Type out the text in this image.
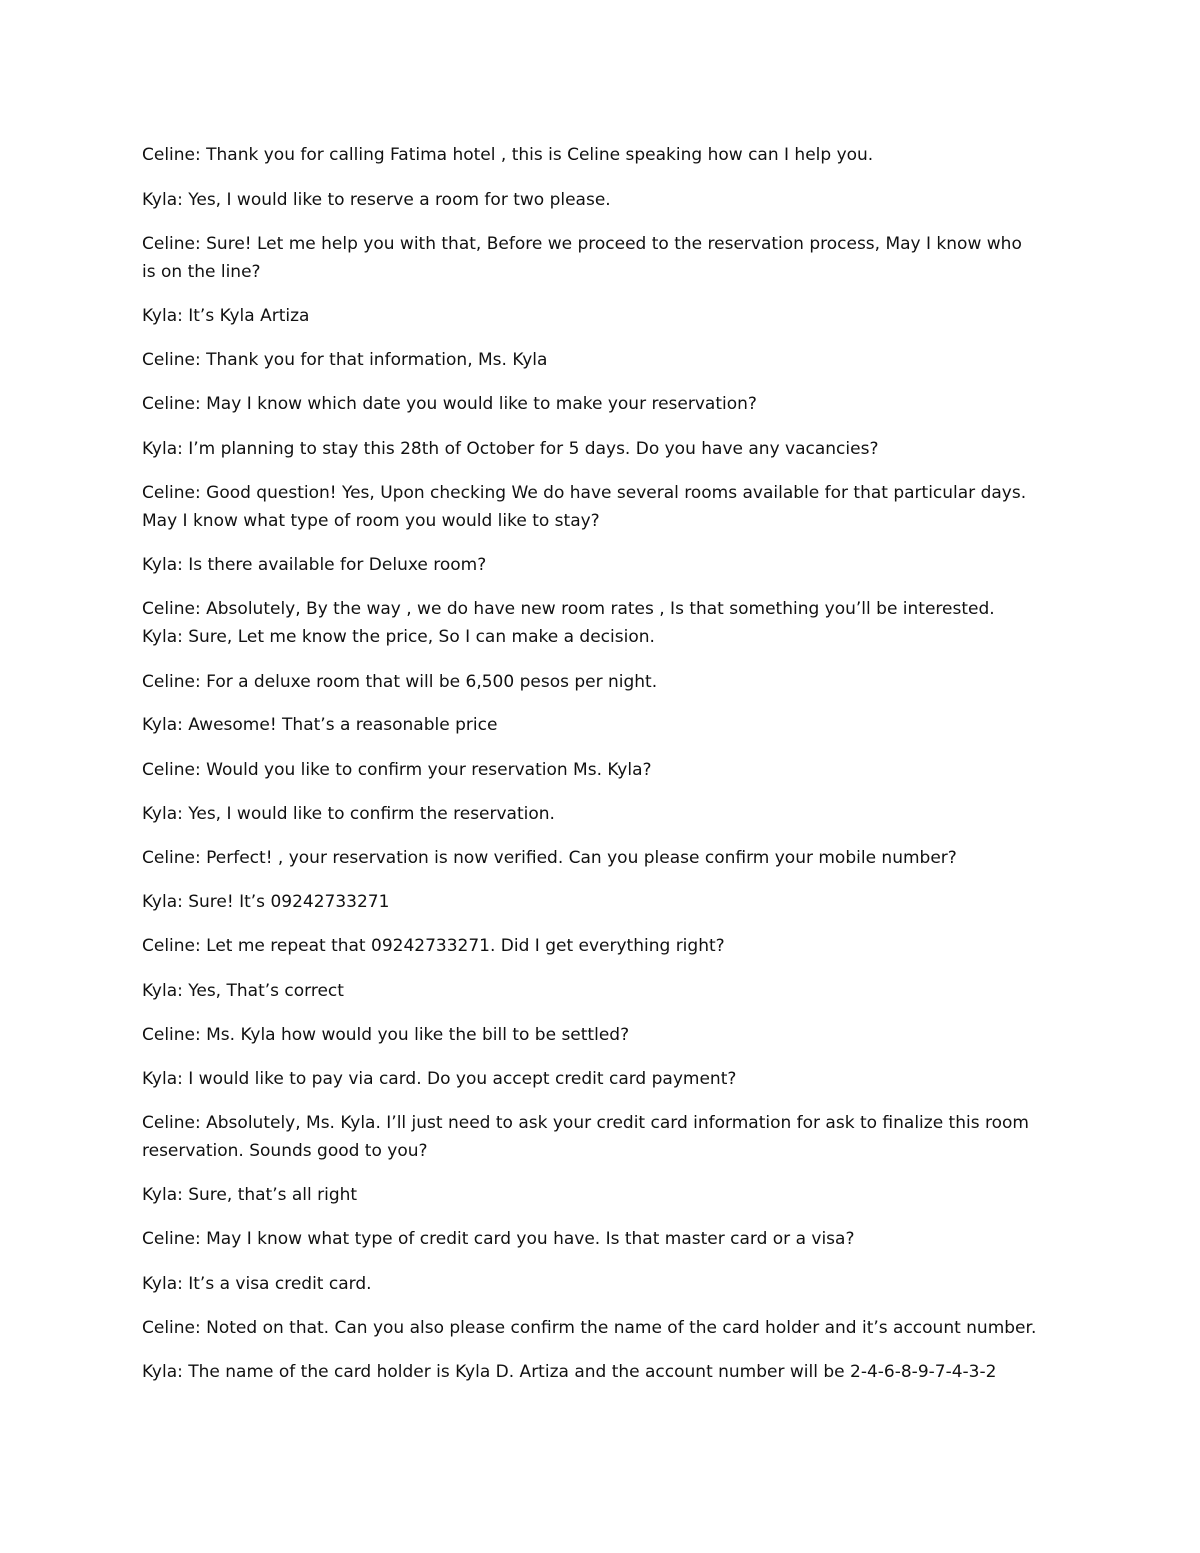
Celine: Thank you for calling Fatima hotel , this is Celine speaking how can I help you.

Kyla: Yes, I would like to reserve a room for two please.

Celine: Sure! Let me help you with that, Before we proceed to the reservation process, May I know who

is on the line?

Kyla: It’s Kyla Artiza

Celine: Thank you for that information, Ms. Kyla

Celine: May I know which date you would like to make your reservation?

Kyla: I’m planning to stay this 28th of October for 5 days. Do you have any vacancies?

Celine: Good question! Yes, Upon checking We do have several rooms available for that particular days.

May I know what type of room you would like to stay?

Kyla: Is there available for Deluxe room?

Celine: Absolutely, By the way , we do have new room rates , Is that something you’ll be interested.

Kyla: Sure, Let me know the price, So I can make a decision.

Celine: For a deluxe room that will be 6,500 pesos per night.

Kyla: Awesome! That’s a reasonable price

Celine: Would you like to confirm your reservation Ms. Kyla?

Kyla: Yes, I would like to confirm the reservation.

Celine: Perfect! , your reservation is now verified. Can you please confirm your mobile number?

Kyla: Sure! It’s 09242733271

Celine: Let me repeat that 09242733271. Did I get everything right?

Kyla: Yes, That’s correct

Celine: Ms. Kyla how would you like the bill to be settled?

Kyla: I would like to pay via card. Do you accept credit card payment?

Celine: Absolutely, Ms. Kyla. I’ll just need to ask your credit card information for ask to finalize this room

reservation. Sounds good to you?

Kyla: Sure, that’s all right

Celine: May I know what type of credit card you have. Is that master card or a visa?

Kyla: It’s a visa credit card.

Celine: Noted on that. Can you also please confirm the name of the card holder and it’s account number.

Kyla: The name of the card holder is Kyla D. Artiza and the account number will be 2-4-6-8-9-7-4-3-2
